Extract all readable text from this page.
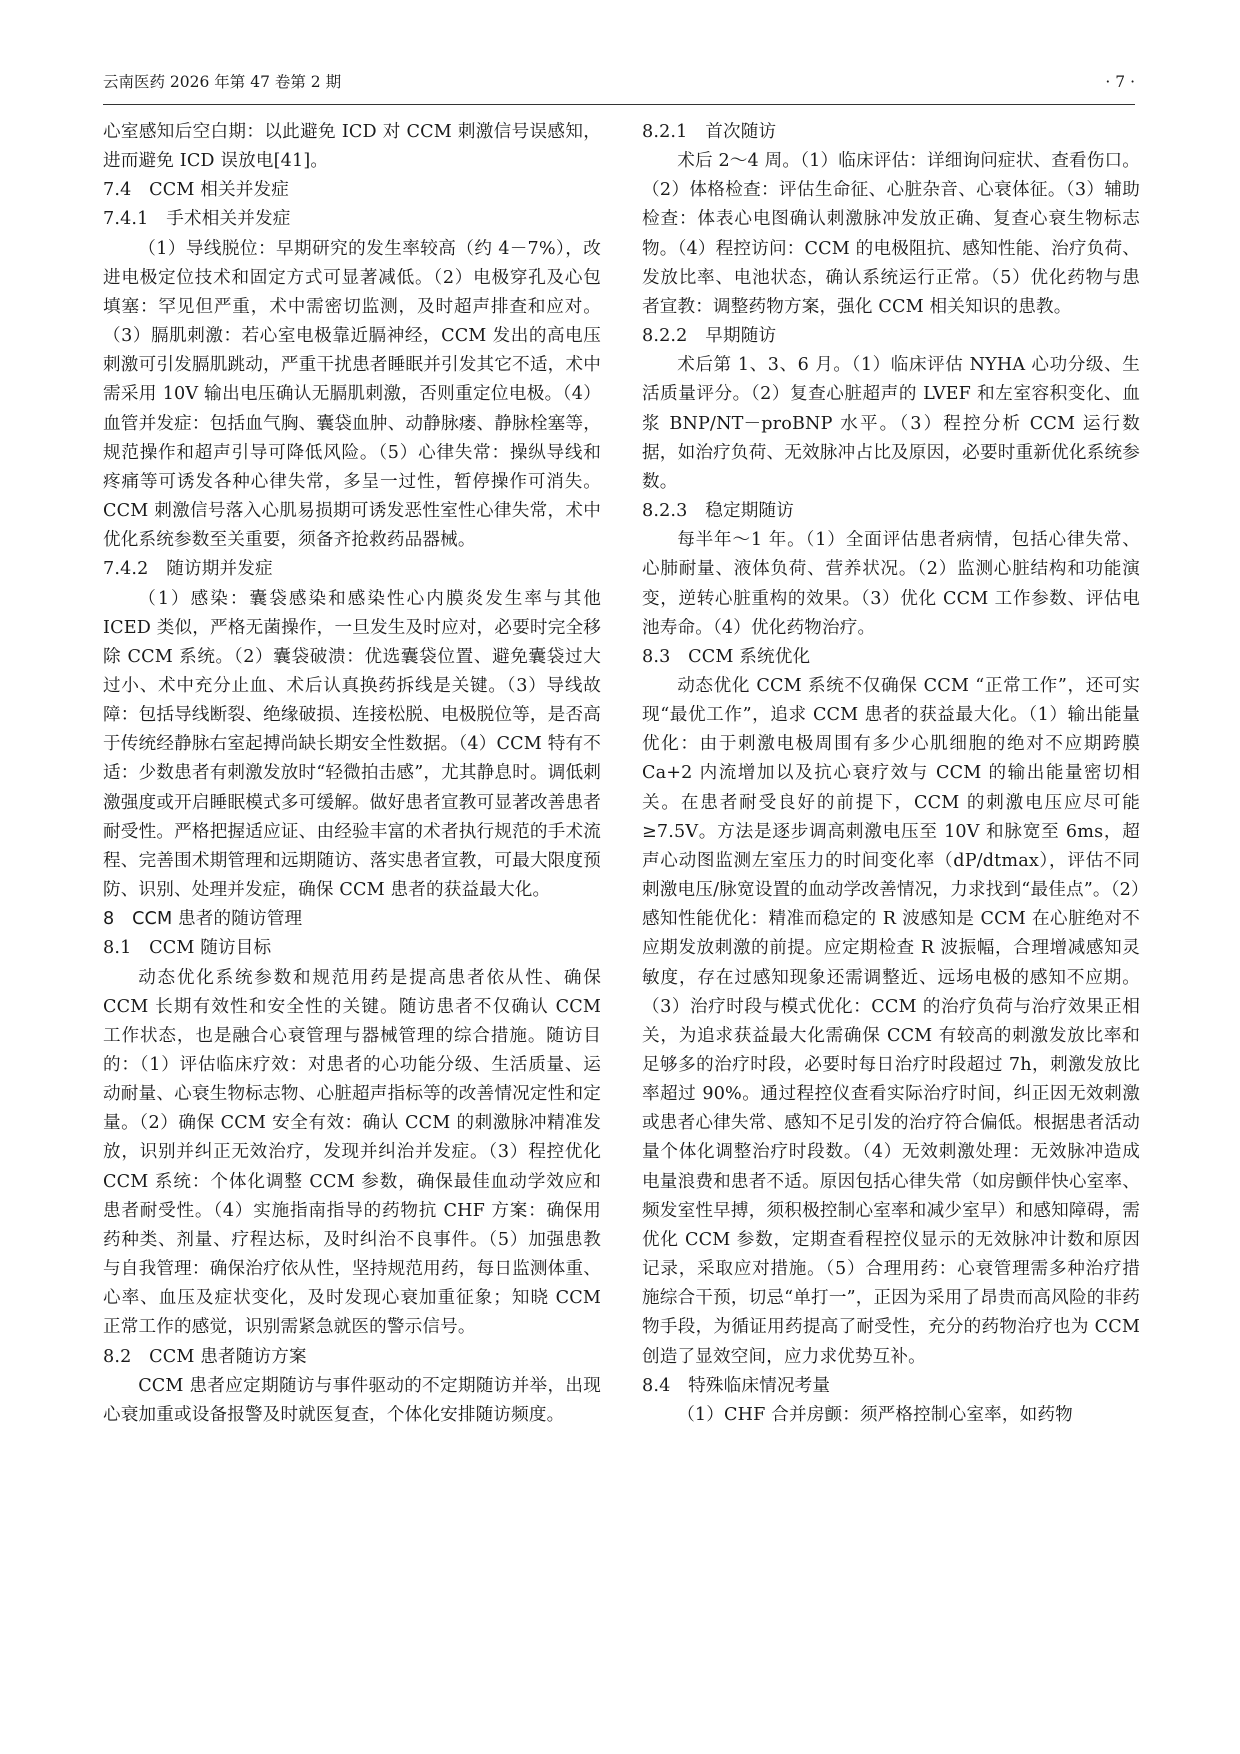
云南医药 2026 年第 47 卷第 2 期	· 7 ·

心室感知后空白期：以此避免 ICD 对 CCM 刺激信号误感知，进而避免 ICD 误放电[41]。

7.4　CCM 相关并发症

7.4.1　手术相关并发症

（1）导线脱位：早期研究的发生率较高（约 4－7%），改进电极定位技术和固定方式可显著减低。（2）电极穿孔及心包填塞：罕见但严重，术中需密切监测，及时超声排查和应对。（3）膈肌刺激：若心室电极靠近膈神经，CCM 发出的高电压刺激可引发膈肌跳动，严重干扰患者睡眠并引发其它不适，术中需采用 10V 输出电压确认无膈肌刺激，否则重定位电极。（4）血管并发症：包括血气胸、囊袋血肿、动静脉瘘、静脉栓塞等，规范操作和超声引导可降低风险。（5）心律失常：操纵导线和疼痛等可诱发各种心律失常，多呈一过性，暂停操作可消失。CCM 刺激信号落入心肌易损期可诱发恶性室性心律失常，术中优化系统参数至关重要，须备齐抢救药品器械。

7.4.2　随访期并发症

（1）感染：囊袋感染和感染性心内膜炎发生率与其他 ICED 类似，严格无菌操作，一旦发生及时应对，必要时完全移除 CCM 系统。（2）囊袋破溃：优选囊袋位置、避免囊袋过大过小、术中充分止血、术后认真换药拆线是关键。（3）导线故障：包括导线断裂、绝缘破损、连接松脱、电极脱位等，是否高于传统经静脉右室起搏尚缺长期安全性数据。（4）CCM 特有不适：少数患者有刺激发放时“轻微拍击感”，尤其静息时。调低刺激强度或开启睡眠模式多可缓解。做好患者宣教可显著改善患者耐受性。严格把握适应证、由经验丰富的术者执行规范的手术流程、完善围术期管理和远期随访、落实患者宣教，可最大限度预防、识别、处理并发症，确保 CCM 患者的获益最大化。

8　CCM 患者的随访管理

8.1　CCM 随访目标

动态优化系统参数和规范用药是提高患者依从性、确保 CCM 长期有效性和安全性的关键。随访患者不仅确认 CCM 工作状态，也是融合心衰管理与器械管理的综合措施。随访目的：（1）评估临床疗效：对患者的心功能分级、生活质量、运动耐量、心衰生物标志物、心脏超声指标等的改善情况定性和定量。（2）确保 CCM 安全有效：确认 CCM 的刺激脉冲精准发放，识别并纠正无效治疗，发现并纠治并发症。（3）程控优化 CCM 系统：个体化调整 CCM 参数，确保最佳血动学效应和患者耐受性。（4）实施指南指导的药物抗 CHF 方案：确保用药种类、剂量、疗程达标，及时纠治不良事件。（5）加强患教与自我管理：确保治疗依从性，坚持规范用药，每日监测体重、心率、血压及症状变化，及时发现心衰加重征象；知晓 CCM 正常工作的感觉，识别需紧急就医的警示信号。

8.2　CCM 患者随访方案

CCM 患者应定期随访与事件驱动的不定期随访并举，出现心衰加重或设备报警及时就医复查，个体化安排随访频度。

8.2.1　首次随访

术后 2～4 周。（1）临床评估：详细询问症状、查看伤口。（2）体格检查：评估生命征、心脏杂音、心衰体征。（3）辅助检查：体表心电图确认刺激脉冲发放正确、复查心衰生物标志物。（4）程控访问：CCM 的电极阻抗、感知性能、治疗负荷、发放比率、电池状态，确认系统运行正常。（5）优化药物与患者宣教：调整药物方案，强化 CCM 相关知识的患教。

8.2.2　早期随访

术后第 1、3、6 月。（1）临床评估 NYHA 心功分级、生活质量评分。（2）复查心脏超声的 LVEF 和左室容积变化、血浆 BNP/NT－proBNP 水平。（3）程控分析 CCM 运行数据，如治疗负荷、无效脉冲占比及原因，必要时重新优化系统参数。

8.2.3　稳定期随访

每半年～1 年。（1）全面评估患者病情，包括心律失常、心肺耐量、液体负荷、营养状况。（2）监测心脏结构和功能演变，逆转心脏重构的效果。（3）优化 CCM 工作参数、评估电池寿命。（4）优化药物治疗。

8.3　CCM 系统优化

动态优化 CCM 系统不仅确保 CCM “正常工作”，还可实现“最优工作”，追求 CCM 患者的获益最大化。（1）输出能量优化：由于刺激电极周围有多少心肌细胞的绝对不应期跨膜 Ca+2 内流增加以及抗心衰疗效与 CCM 的输出能量密切相关。在患者耐受良好的前提下，CCM 的刺激电压应尽可能≥7.5V。方法是逐步调高刺激电压至 10V 和脉宽至 6ms，超声心动图监测左室压力的时间变化率（dP/dtmax），评估不同刺激电压/脉宽设置的血动学改善情况，力求找到“最佳点”。（2）感知性能优化：精准而稳定的 R 波感知是 CCM 在心脏绝对不应期发放刺激的前提。应定期检查 R 波振幅，合理增减感知灵敏度，存在过感知现象还需调整近、远场电极的感知不应期。（3）治疗时段与模式优化：CCM 的治疗负荷与治疗效果正相关，为追求获益最大化需确保 CCM 有较高的刺激发放比率和足够多的治疗时段，必要时每日治疗时段超过 7h，刺激发放比率超过 90%。通过程控仪查看实际治疗时间，纠正因无效刺激或患者心律失常、感知不足引发的治疗符合偏低。根据患者活动量个体化调整治疗时段数。（4）无效刺激处理：无效脉冲造成电量浪费和患者不适。原因包括心律失常（如房颤伴快心室率、频发室性早搏，须积极控制心室率和减少室早）和感知障碍，需优化 CCM 参数，定期查看程控仪显示的无效脉冲计数和原因记录，采取应对措施。（5）合理用药：心衰管理需多种治疗措施综合干预，切忌“单打一”，正因为采用了昂贵而高风险的非药物手段，为循证用药提高了耐受性，充分的药物治疗也为 CCM 创造了显效空间，应力求优势互补。

8.4　特殊临床情况考量

（1）CHF 合并房颤：须严格控制心室率，如药物
